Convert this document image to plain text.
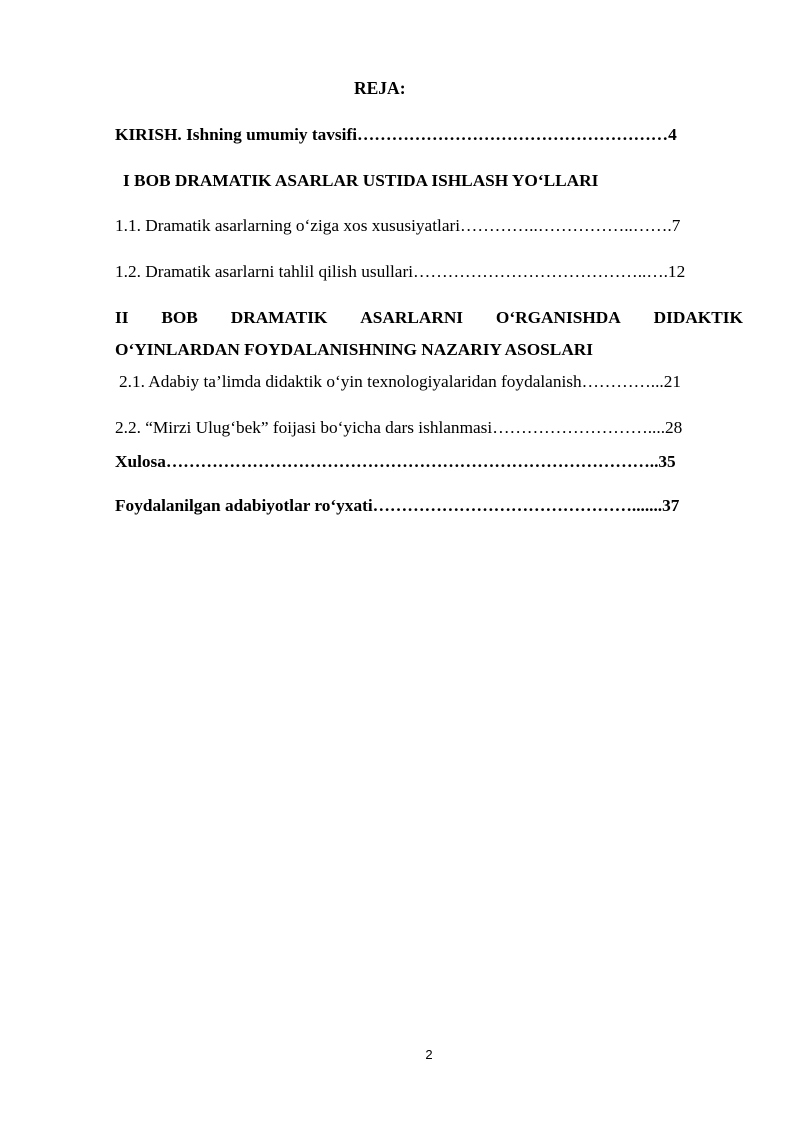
REJA:
KIRISH. Ishning umumiy tavsifi………………………………………………4
I BOB DRAMATIK ASARLAR USTIDA ISHLASH YO‘LLARI
1.1. Dramatik asarlarning o‘ziga xos xususiyatlari…………..……………..…….7
1.2. Dramatik asarlarni tahlil qilish usullari…………………………………..….12
II BOB DRAMATIK ASARLARNI O‘RGANISHDA DIDAKTIK
O‘YINLARDAN FOYDALANISHNING NAZARIY ASOSLARI
2.1. Adabiy ta’limda didaktik o‘yin texnologiyalaridan foydalanish…………...21
2.2. “Mirzi Ulug‘bek” foijasi bo‘yicha dars ishlanmasi………………………....28
Xulosa…………………………………………………………………………..35
Foydalanilgan adabiyotlar ro‘yxati……………………………………….......37
2
